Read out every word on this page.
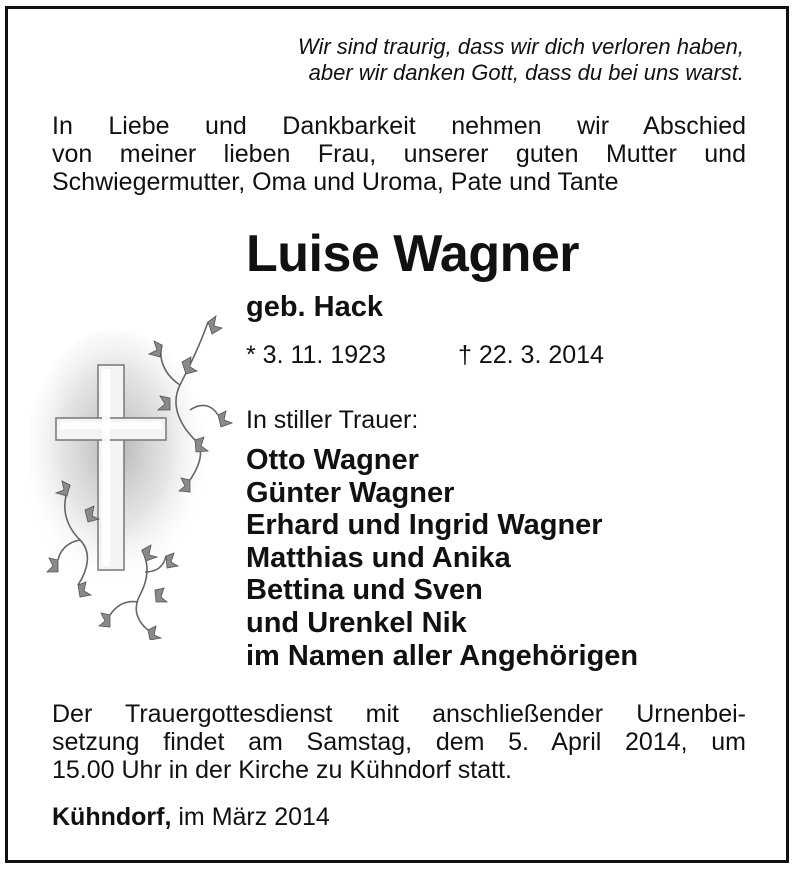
Wir sind traurig, dass wir dich verloren haben,
aber wir danken Gott, dass du bei uns warst.

In Liebe und Dankbarkeit nehmen wir Abschied
von meiner lieben Frau, unserer guten Mutter und
Schwiegermutter, Oma und Uroma, Pate und Tante

Luise Wagner

geb. Hack

* 3. 11. 1923	† 22. 3. 2014

In stiller Trauer:

Otto Wagner
Günter Wagner
Erhard und Ingrid Wagner
Matthias und Anika
Bettina und Sven
und Urenkel Nik
im Namen aller Angehörigen

Der Trauergottesdienst mit anschließender Urnenbei-
setzung findet am Samstag, dem 5. April 2014, um
15.00 Uhr in der Kirche zu Kühndorf statt.

Kühndorf, im März 2014
